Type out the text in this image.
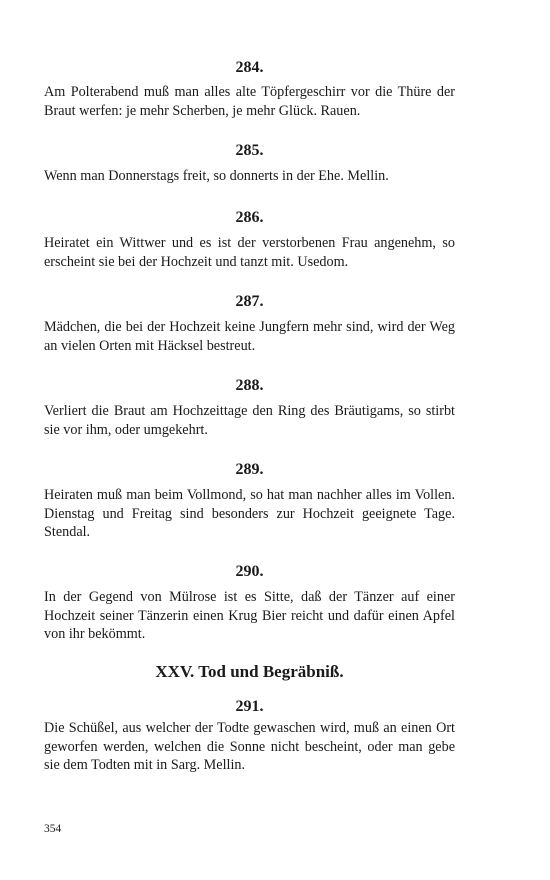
284.
Am Polterabend muß man alles alte Töpfergeschirr vor die Thüre der Braut werfen: je mehr Scherben, je mehr Glück. Rauen.
285.
Wenn man Donnerstags freit, so donnerts in der Ehe. Mellin.
286.
Heiratet ein Wittwer und es ist der verstorbenen Frau angenehm, so erscheint sie bei der Hochzeit und tanzt mit. Usedom.
287.
Mädchen, die bei der Hochzeit keine Jungfern mehr sind, wird der Weg an vielen Orten mit Häcksel bestreut.
288.
Verliert die Braut am Hochzeittage den Ring des Bräutigams, so stirbt sie vor ihm, oder umgekehrt.
289.
Heiraten muß man beim Vollmond, so hat man nachher alles im Vollen. Dienstag und Freitag sind besonders zur Hochzeit geeignete Tage. Stendal.
290.
In der Gegend von Mülrose ist es Sitte, daß der Tänzer auf einer Hochzeit seiner Tänzerin einen Krug Bier reicht und dafür einen Apfel von ihr bekömmt.
XXV. Tod und Begräbniß.
291.
Die Schüßel, aus welcher der Todte gewaschen wird, muß an einen Ort geworfen werden, welchen die Sonne nicht bescheint, oder man gebe sie dem Todten mit in Sarg. Mellin.
354
